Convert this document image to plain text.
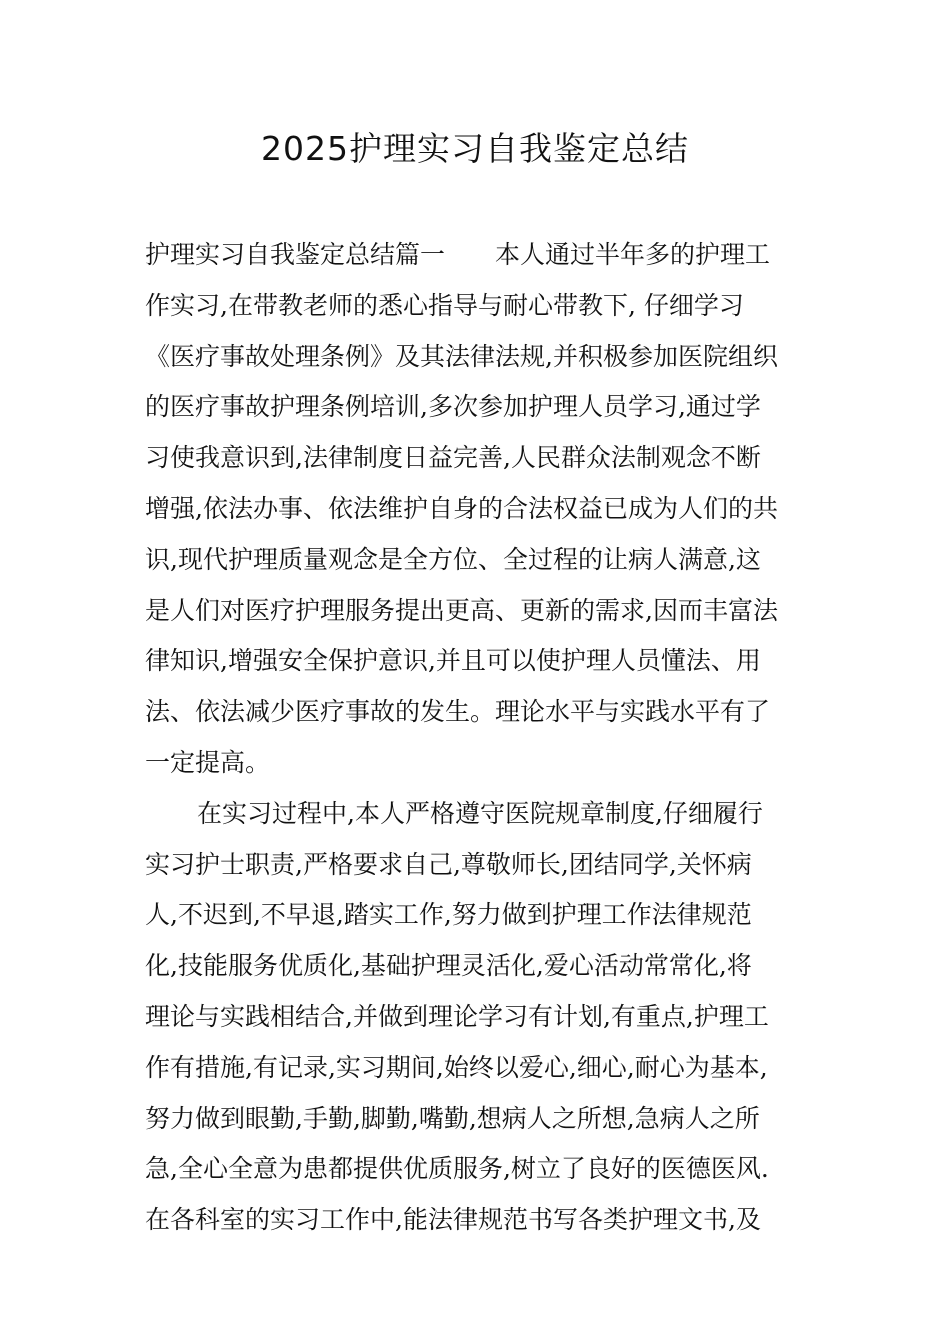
2025护理实习自我鉴定总结
护理实习自我鉴定总结篇一　　本人通过半年多的护理工
作实习,在带教老师的悉心指导与耐心带教下, 仔细学习
《医疗事故处理条例》及其法律法规,并积极参加医院组织
的医疗事故护理条例培训,多次参加护理人员学习,通过学
习使我意识到,法律制度日益完善,人民群众法制观念不断
增强,依法办事、依法维护自身的合法权益已成为人们的共
识,现代护理质量观念是全方位、全过程的让病人满意,这
是人们对医疗护理服务提出更高、更新的需求,因而丰富法
律知识,增强安全保护意识,并且可以使护理人员懂法、用
法、依法减少医疗事故的发生。理论水平与实践水平有了
一定提高。
在实习过程中,本人严格遵守医院规章制度,仔细履行
实习护士职责,严格要求自己,尊敬师长,团结同学,关怀病
人,不迟到,不早退,踏实工作,努力做到护理工作法律规范
化,技能服务优质化,基础护理灵活化,爱心活动常常化,将
理论与实践相结合,并做到理论学习有计划,有重点,护理工
作有措施,有记录,实习期间,始终以爱心,细心,耐心为基本,
努力做到眼勤,手勤,脚勤,嘴勤,想病人之所想,急病人之所
急,全心全意为患都提供优质服务,树立了良好的医德医风.
在各科室的实习工作中,能法律规范书写各类护理文书,及
